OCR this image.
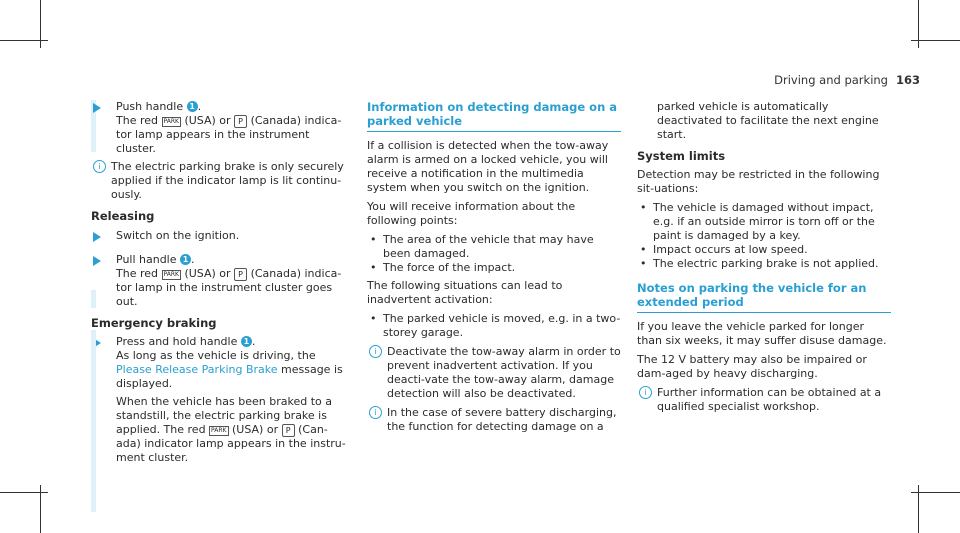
Driving and parking 163
Push handle 1 .
The red PARK (USA) or P (Canada) indica-tor lamp appears in the instrument cluster.
i The electric parking brake is only securely applied if the indicator lamp is lit continu-ously.
Releasing
Switch on the ignition.
Pull handle 1 .
The red PARK (USA) or P (Canada) indica-tor lamp in the instrument cluster goes out.
Emergency braking
Press and hold handle 1 .
As long as the vehicle is driving, the Please Release Parking Brake message is displayed.
When the vehicle has been braked to a standstill, the electric parking brake is applied. The red PARK (USA) or P (Can-ada) indicator lamp appears in the instru-ment cluster.
Information on detecting damage on a parked vehicle

If a collision is detected when the tow-away alarm is armed on a locked vehicle, you will receive a notification in the multimedia system when you switch on the ignition.

You will receive information about the following points:

• The area of the vehicle that may have been damaged.
• The force of the impact.

The following situations can lead to inadvertent activation:

• The parked vehicle is moved, e.g. in a two-storey garage.
i Deactivate the tow-away alarm in order to prevent inadvertent activation. If you deacti-vate the tow-away alarm, damage detection will also be deactivated.
i In the case of severe battery discharging, the function for detecting damage on a
parked vehicle is automatically deactivated to facilitate the next engine start.
System limits

Detection may be restricted in the following sit-uations:

• The vehicle is damaged without impact, e.g. if an outside mirror is torn off or the paint is damaged by a key.
• Impact occurs at low speed.
• The electric parking brake is not applied.
Notes on parking the vehicle for an extended period

If you leave the vehicle parked for longer than six weeks, it may suffer disuse damage.

The 12 V battery may also be impaired or dam-aged by heavy discharging.

i Further information can be obtained at a qualified specialist workshop.
